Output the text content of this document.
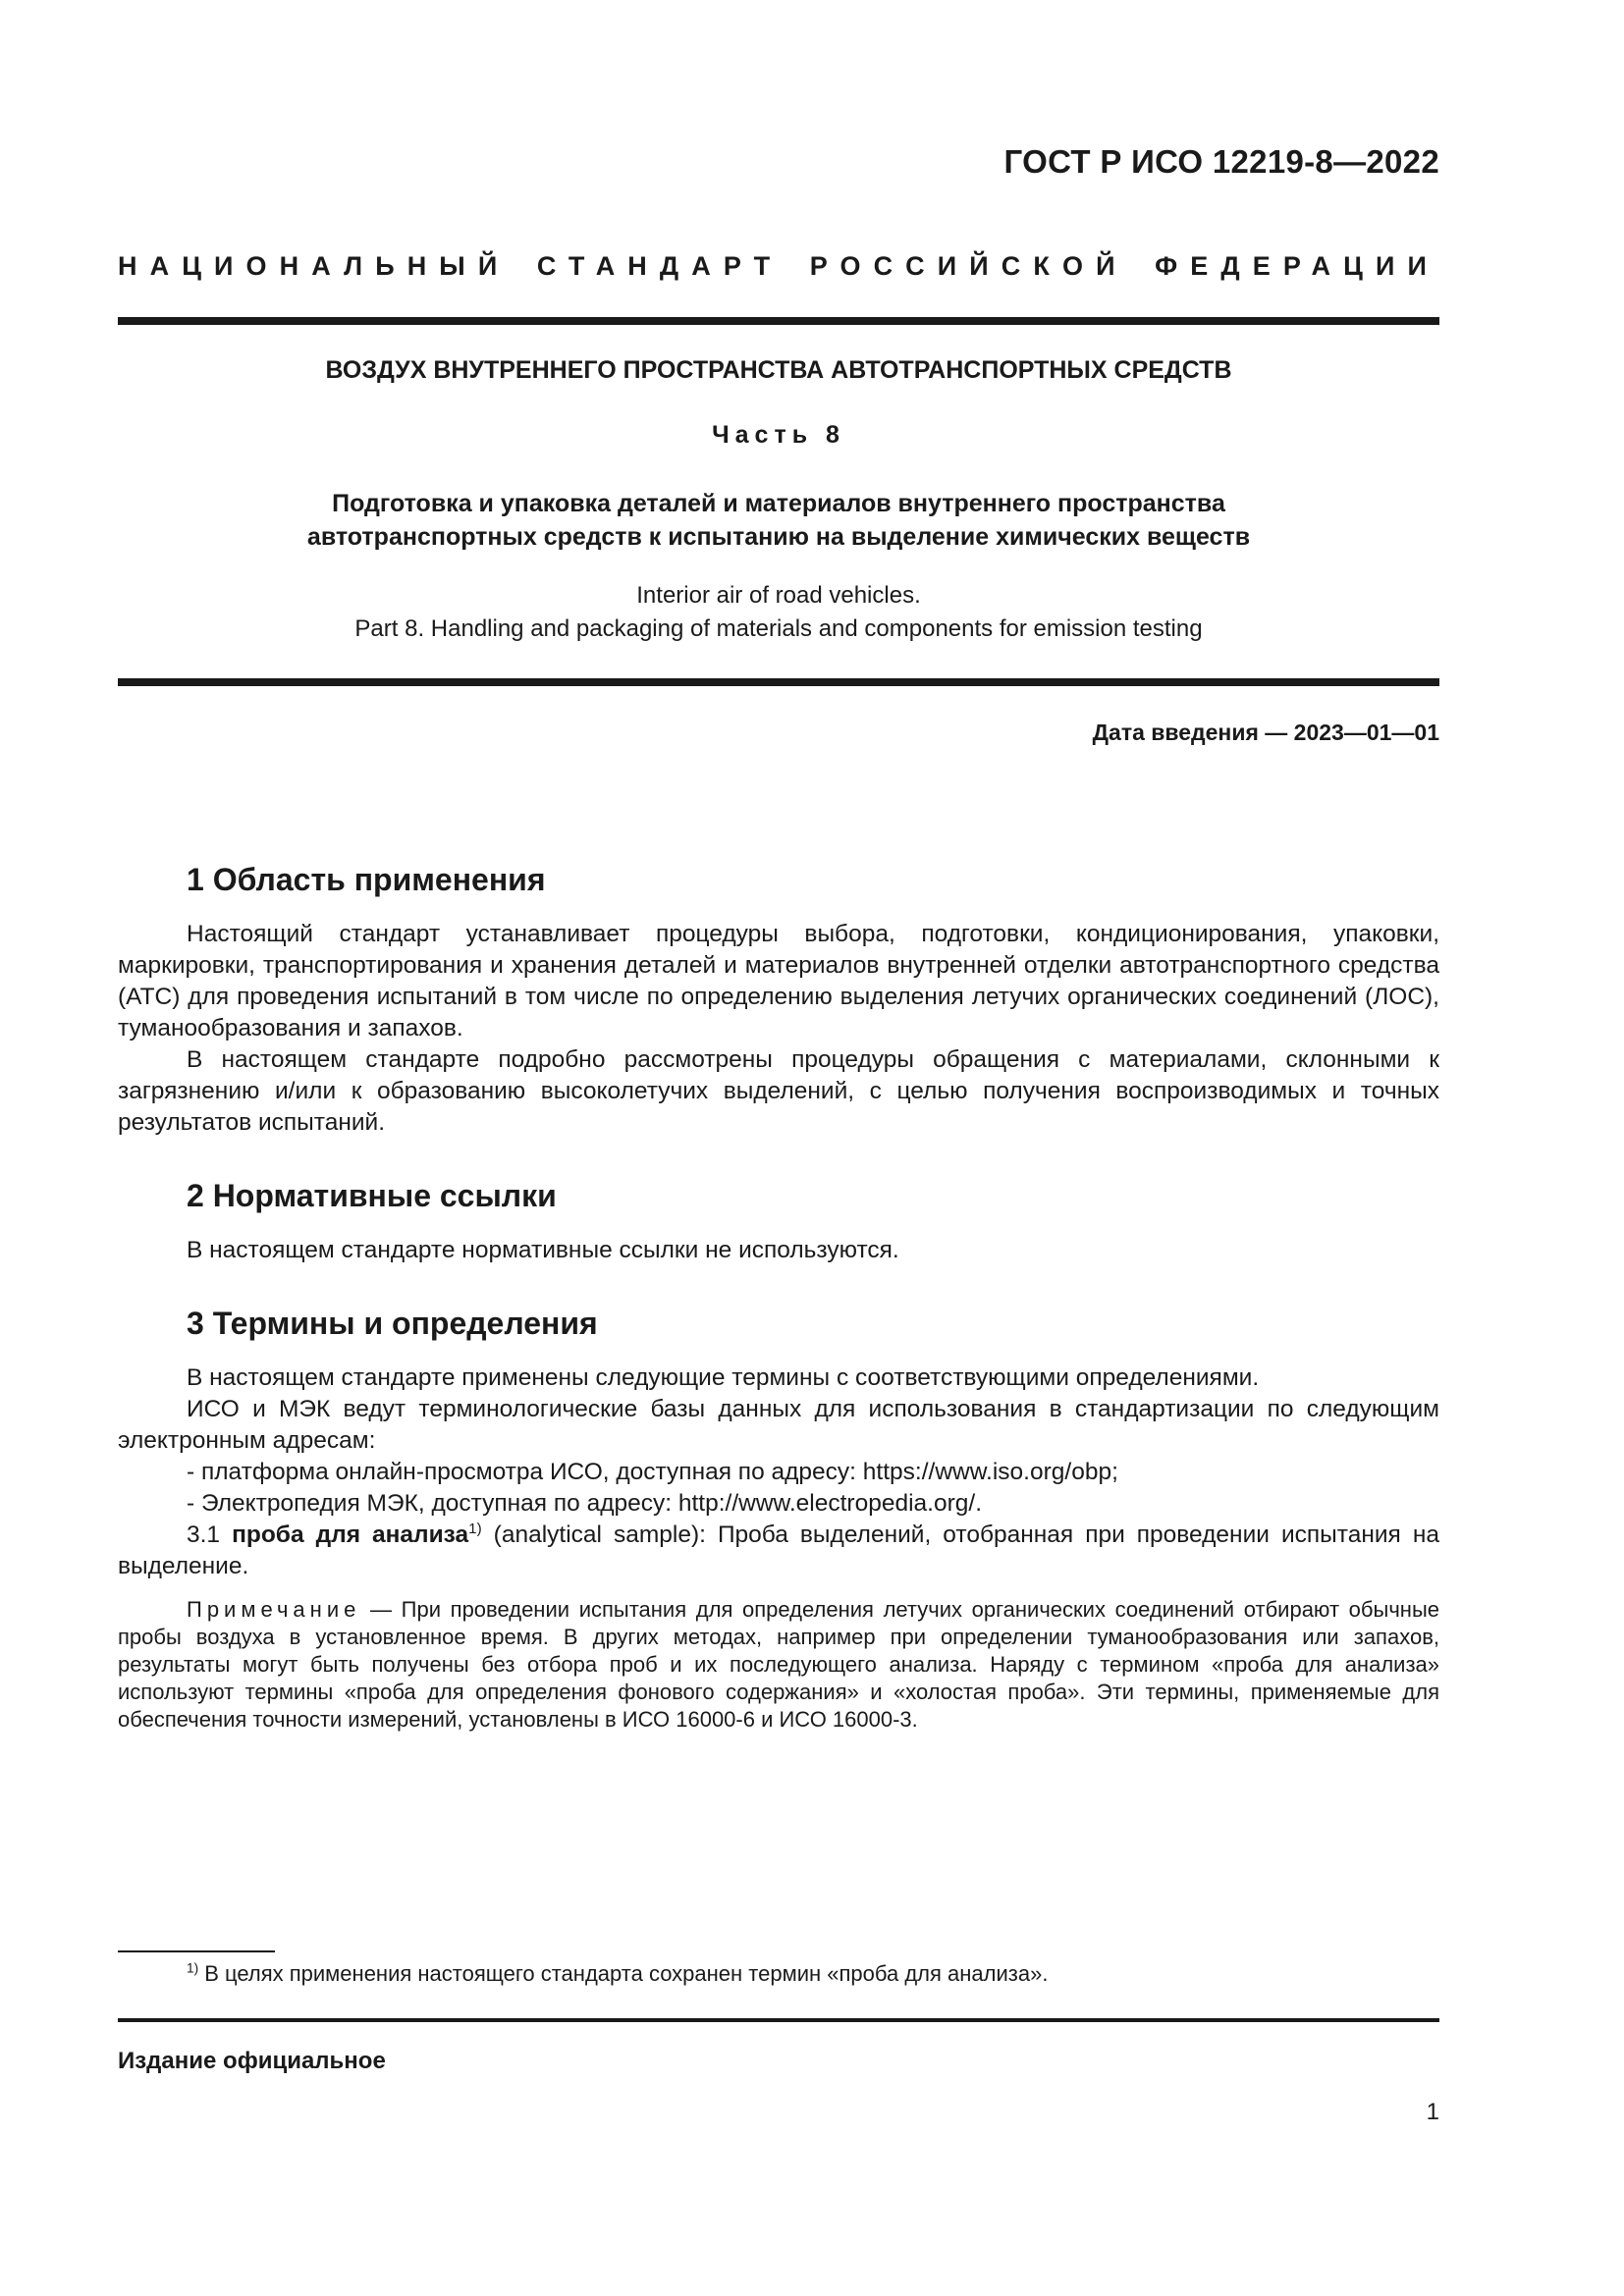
ГОСТ Р ИСО 12219-8—2022
НАЦИОНАЛЬНЫЙ СТАНДАРТ РОССИЙСКОЙ ФЕДЕРАЦИИ
ВОЗДУХ ВНУТРЕННЕГО ПРОСТРАНСТВА АВТОТРАНСПОРТНЫХ СРЕДСТВ
Часть 8
Подготовка и упаковка деталей и материалов внутреннего пространства
автотранспортных средств к испытанию на выделение химических веществ
Interior air of road vehicles.
Part 8. Handling and packaging of materials and components for emission testing
Дата введения — 2023—01—01
1 Область применения

Настоящий стандарт устанавливает процедуры выбора, подготовки, кондиционирования, упаковки, маркировки, транспортирования и хранения деталей и материалов внутренней отделки автотранспортного средства (АТС) для проведения испытаний в том числе по определению выделения летучих органических соединений (ЛОС), туманообразования и запахов.

В настоящем стандарте подробно рассмотрены процедуры обращения с материалами, склонными к загрязнению и/или к образованию высоколетучих выделений, с целью получения воспроизводимых и точных результатов испытаний.

2 Нормативные ссылки

В настоящем стандарте нормативные ссылки не используются.

3 Термины и определения

В настоящем стандарте применены следующие термины с соответствующими определениями.

ИСО и МЭК ведут терминологические базы данных для использования в стандартизации по следующим электронным адресам:

- платформа онлайн-просмотра ИСО, доступная по адресу: https://www.iso.org/obp;

- Электропедия МЭК, доступная по адресу: http://www.electropedia.org/.

3.1 проба для анализа$^{1)}$ (analytical sample): Проба выделений, отобранная при проведении испытания на выделение.

Примечание — При проведении испытания для определения летучих органических соединений отбирают обычные пробы воздуха в установленное время. В других методах, например при определении туманообразования или запахов, результаты могут быть получены без отбора проб и их последующего анализа. Наряду с термином «проба для анализа» используют термины «проба для определения фонового содержания» и «холостая проба». Эти термины, применяемые для обеспечения точности измерений, установлены в ИСО 16000-6 и ИСО 16000-3.

$^{1)}$ В целях применения настоящего стандарта сохранен термин «проба для анализа».
Издание официальное
1
